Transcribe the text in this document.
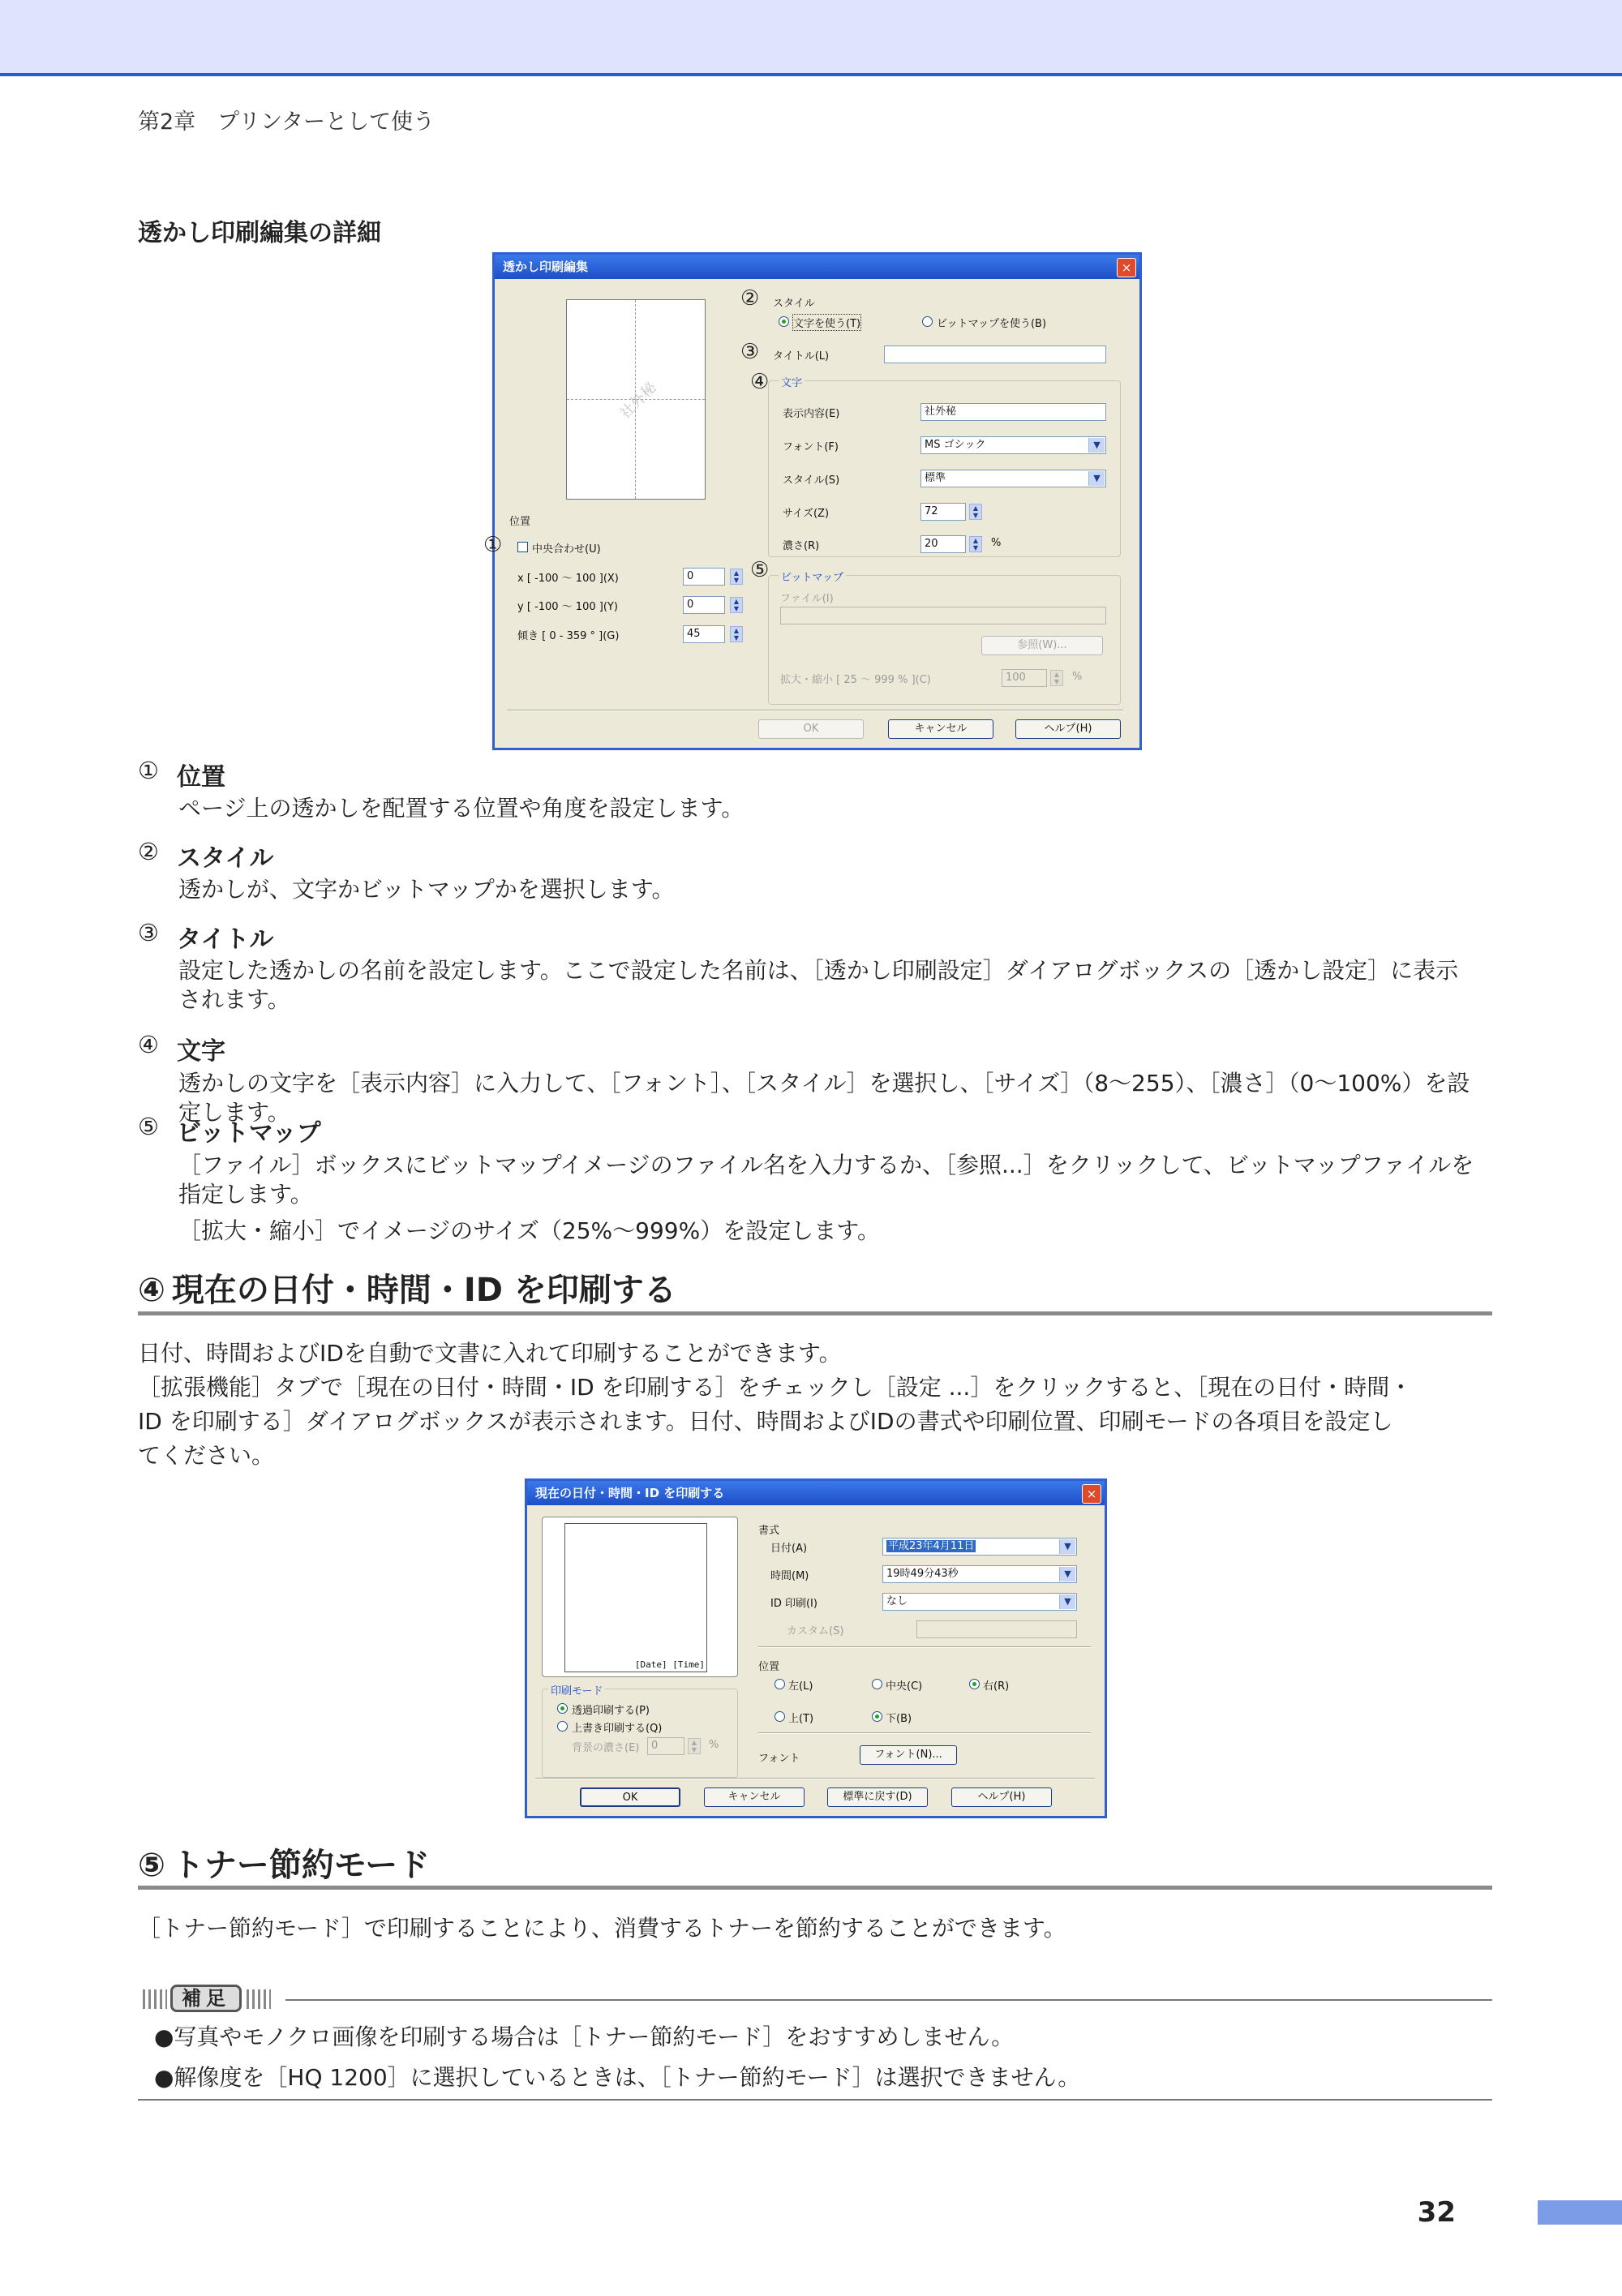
第2章　プリンターとして使う
透かし印刷編集の詳細
透かし印刷編集	×
社外秘
位置
中央合わせ(U)
x [ -100 ～ 100 ](X)	0	▲
▼
y [ -100 ～ 100 ](Y)	0	▲
▼
傾き [ 0 - 359 ° ](G)	45	▲
▼
スタイル
文字を使う(T)	ビットマップを使う(B)
タイトル(L)
文字
表示内容(E)	社外秘
フォント(F)	MS ゴシック	▼
スタイル(S)	標準	▼
サイズ(Z)	72	▲
▼
濃さ(R)	20	▲
▼	%
ビットマップ
ファイル(I)
参照(W)...
拡大・縮小 [ 25 ～ 999 % ](C)	100	▲
▼	%
OK	キャンセル	ヘルプ(H)
①
②
③
④
⑤
① 位置
ページ上の透かしを配置する位置や角度を設定します。
② スタイル
透かしが、文字かビットマップかを選択します。
③ タイトル
設定した透かしの名前を設定します。ここで設定した名前は、［透かし印刷設定］ダイアログボックスの［透かし設定］に表示
されます。
④ 文字
透かしの文字を［表示内容］に入力して、［フォント］、［スタイル］を選択し、［サイズ］（8～255）、［濃さ］（0～100%）を設定します。
⑤ ビットマップ
［ファイル］ボックスにビットマップイメージのファイル名を入力するか、［参照...］をクリックして、ビットマップファイルを
指定します。
［拡大・縮小］でイメージのサイズ（25%～999%）を設定します。
④ 現在の日付・時間・ID を印刷する
日付、時間およびIDを自動で文書に入れて印刷することができます。
［拡張機能］タブで［現在の日付・時間・ID を印刷する］をチェックし［設定 ...］をクリックすると、［現在の日付・時間・
ID を印刷する］ダイアログボックスが表示されます。日付、時間およびIDの書式や印刷位置、印刷モードの各項目を設定し
てください。
現在の日付・時間・ID を印刷する	×
[Date] [Time]
印刷モード
透過印刷する(P)
上書き印刷する(Q)
背景の濃さ(E)	0	▲
▼	%
書式
日付(A)	平成23年4月11日	▼
時間(M)	19時49分43秒	▼
ID 印刷(I)	なし	▼
カスタム(S)
位置
左(L)	中央(C)	右(R)
上(T)	下(B)
フォント	フォント(N)...
OK	キャンセル	標準に戻す(D)	ヘルプ(H)
⑤ トナー節約モード
［トナー節約モード］で印刷することにより、消費するトナーを節約することができます。
補足
●写真やモノクロ画像を印刷する場合は［トナー節約モード］をおすすめしません。
●解像度を［HQ 1200］に選択しているときは、［トナー節約モード］は選択できません。
32
